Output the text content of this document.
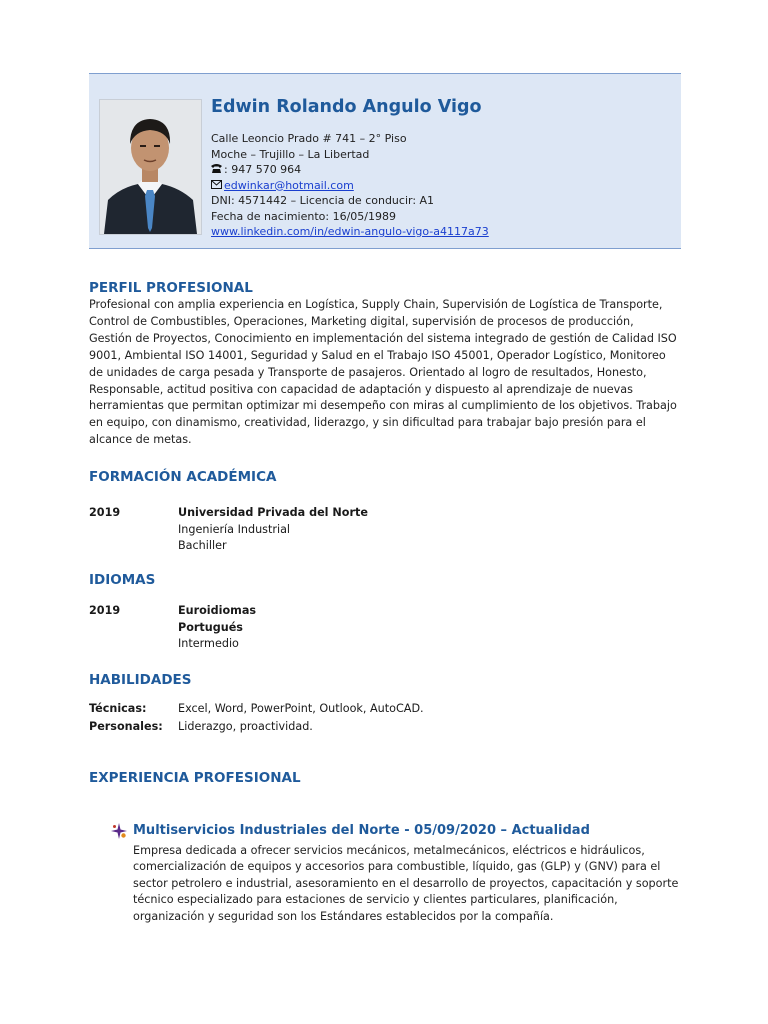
Edwin Rolando Angulo Vigo
Calle Leoncio Prado # 741 – 2° Piso
Moche – Trujillo – La Libertad
: 947 570 964
edwinkar@hotmail.com
DNI: 4571442 – Licencia de conducir: A1
Fecha de nacimiento: 16/05/1989
www.linkedin.com/in/edwin-angulo-vigo-a4117a73
PERFIL PROFESIONAL
Profesional con amplia experiencia en Logística, Supply Chain, Supervisión de Logística de Transporte, Control de Combustibles, Operaciones, Marketing digital, supervisión de procesos de producción, Gestión de Proyectos, Conocimiento en implementación del sistema integrado de gestión de Calidad ISO 9001, Ambiental ISO 14001, Seguridad y Salud en el Trabajo ISO 45001, Operador Logístico, Monitoreo de unidades de carga pesada y Transporte de pasajeros. Orientado al logro de resultados, Honesto, Responsable, actitud positiva con capacidad de adaptación y dispuesto al aprendizaje de nuevas herramientas que permitan optimizar mi desempeño con miras al cumplimiento de los objetivos. Trabajo en equipo, con dinamismo, creatividad, liderazgo, y sin dificultad para trabajar bajo presión para el alcance de metas.
FORMACIÓN ACADÉMICA
2019	Universidad Privada del Norte
Ingeniería Industrial
Bachiller
IDIOMAS
2019	Euroidiomas
Portugués
Intermedio
HABILIDADES
Técnicas:	Excel, Word, PowerPoint, Outlook, AutoCAD.
Personales: Liderazgo, proactividad.
EXPERIENCIA PROFESIONAL
Multiservicios Industriales del Norte - 05/09/2020 – Actualidad
Empresa dedicada a ofrecer servicios mecánicos, metalmecánicos, eléctricos e hidráulicos, comercialización de equipos y accesorios para combustible, líquido, gas (GLP) y (GNV) para el sector petrolero e industrial, asesoramiento en el desarrollo de proyectos, capacitación y soporte técnico especializado para estaciones de servicio y clientes particulares, planificación, organización y seguridad son los Estándares establecidos por la compañía.
